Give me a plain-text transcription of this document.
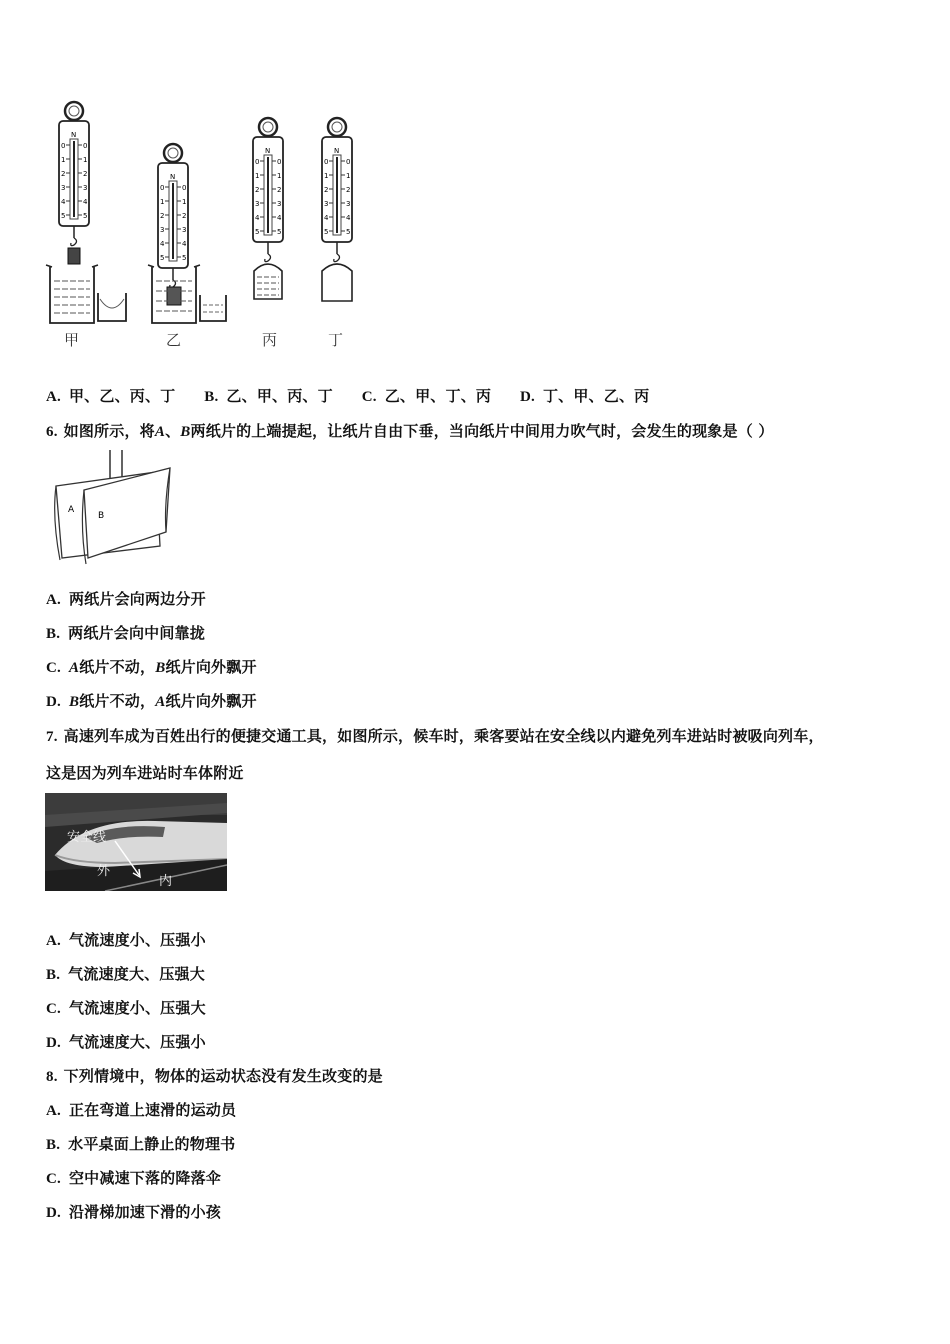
N
0	0
1	1
2	2
3	3
4	4
5	5
甲
N
0	0
1	1
2	2
3	3
4	4
5	5
乙
N
0	0
1	1
2	2
3	3
4	4
5	5
丙
N
0	0
1	1
2	2
3	3
4	4
5	5
丁
A. 甲、乙、丙、丁 B. 乙、甲、丙、丁 C. 乙、甲、丁、丙 D. 丁、甲、乙、丙
6. 如图所示，将A、B两纸片的上端提起，让纸片自由下垂，当向纸片中间用力吹气时，会发生的现象是（ ）
A
B
A. 两纸片会向两边分开
B. 两纸片会向中间靠拢
C. A纸片不动，B纸片向外飘开
D. B纸片不动，A纸片向外飘开
7. 高速列车成为百姓出行的便捷交通工具，如图所示，候车时，乘客要站在安全线以内避免列车进站时被吸向列车，
这是因为列车进站时车体附近
安全线
外
内
A. 气流速度小、压强小
B. 气流速度大、压强大
C. 气流速度小、压强大
D. 气流速度大、压强小
8. 下列情境中，物体的运动状态没有发生改变的是
A. 正在弯道上速滑的运动员
B. 水平桌面上静止的物理书
C. 空中减速下落的降落伞
D. 沿滑梯加速下滑的小孩
